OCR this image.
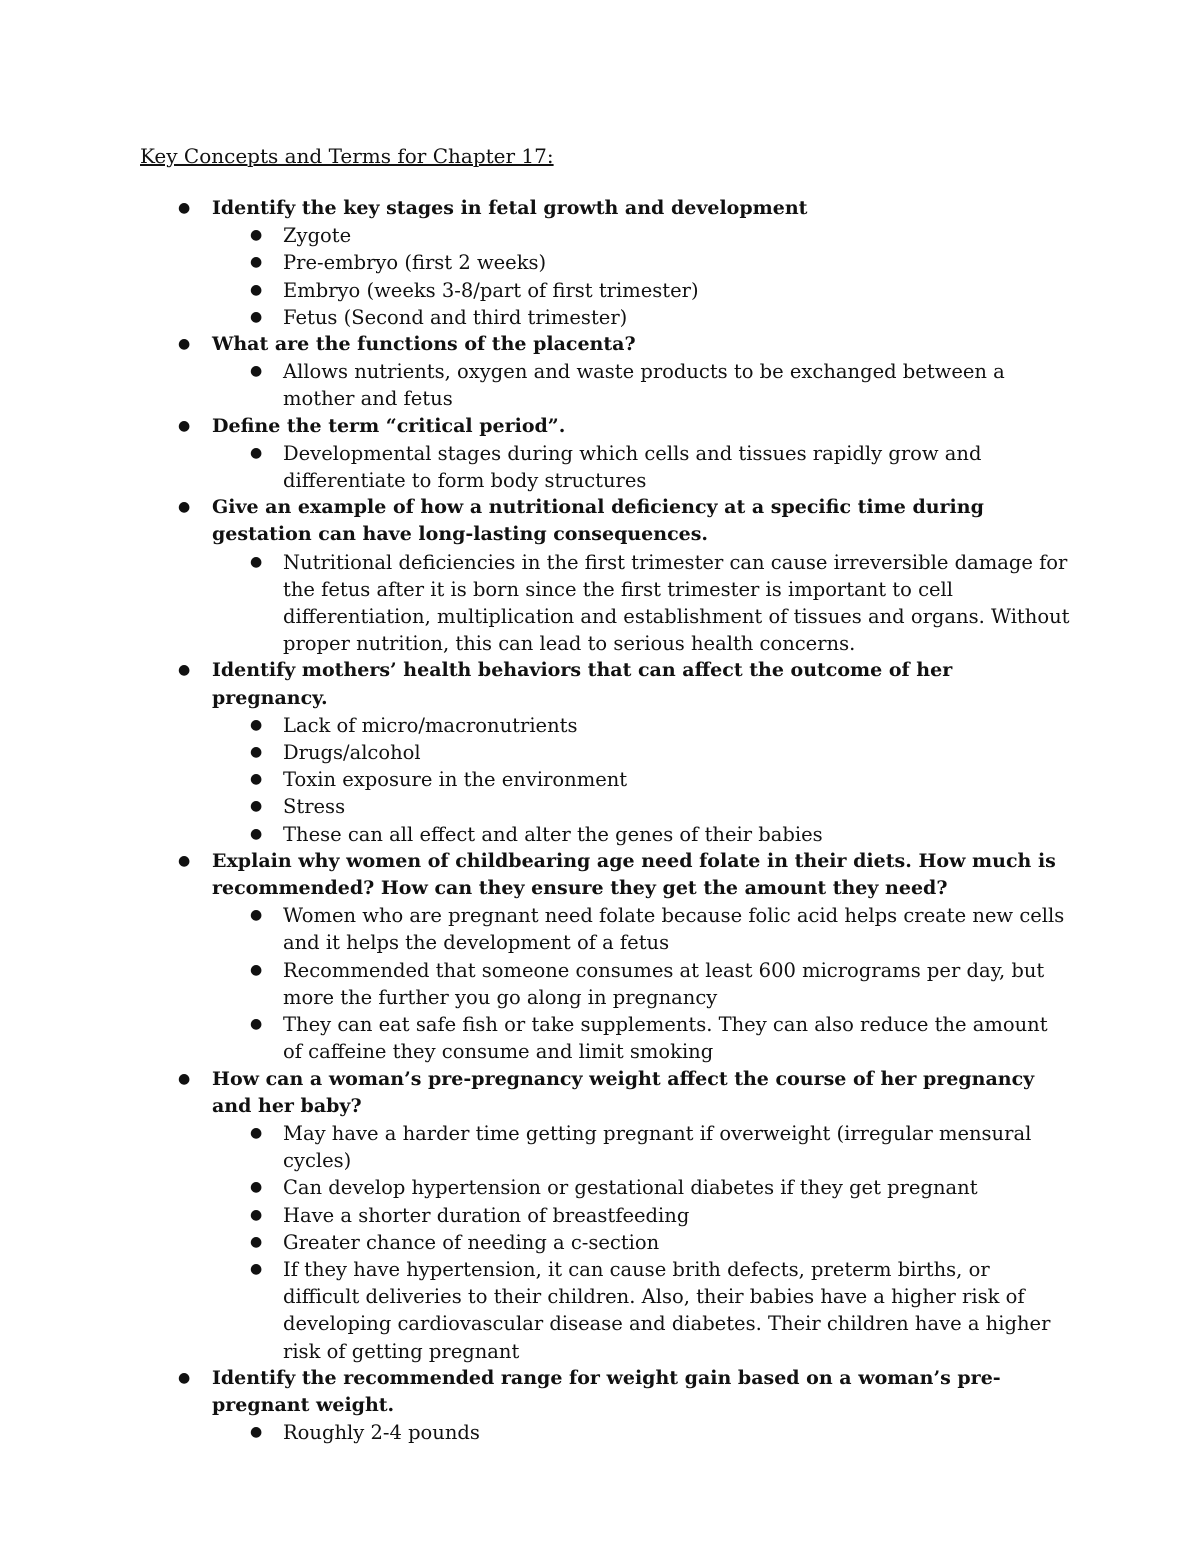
Key Concepts and Terms for Chapter 17:
● Identify the key stages in fetal growth and development
● Zygote
● Pre-embryo (first 2 weeks)
● Embryo (weeks 3-8/part of first trimester)
● Fetus (Second and third trimester)
● What are the functions of the placenta?
● Allows nutrients, oxygen and waste products to be exchanged between a mother and fetus
● Define the term “critical period”.
● Developmental stages during which cells and tissues rapidly grow and differentiate to form body structures
● Give an example of how a nutritional deficiency at a specific time during gestation can have long-lasting consequences.
● Nutritional deficiencies in the first trimester can cause irreversible damage for the fetus after it is born since the first trimester is important to cell differentiation, multiplication and establishment of tissues and organs. Without proper nutrition, this can lead to serious health concerns.
● Identify mothers’ health behaviors that can affect the outcome of her pregnancy.
● Lack of micro/macronutrients
● Drugs/alcohol
● Toxin exposure in the environment
● Stress
● These can all effect and alter the genes of their babies
● Explain why women of childbearing age need folate in their diets. How much is recommended? How can they ensure they get the amount they need?
● Women who are pregnant need folate because folic acid helps create new cells and it helps the development of a fetus
● Recommended that someone consumes at least 600 micrograms per day, but more the further you go along in pregnancy
● They can eat safe fish or take supplements. They can also reduce the amount of caffeine they consume and limit smoking
● How can a woman’s pre-pregnancy weight affect the course of her pregnancy and her baby?
● May have a harder time getting pregnant if overweight (irregular mensural cycles)
● Can develop hypertension or gestational diabetes if they get pregnant
● Have a shorter duration of breastfeeding
● Greater chance of needing a c-section
● If they have hypertension, it can cause brith defects, preterm births, or difficult deliveries to their children. Also, their babies have a higher risk of developing cardiovascular disease and diabetes. Their children have a higher risk of getting pregnant
● Identify the recommended range for weight gain based on a woman’s pre-pregnant weight.
● Roughly 2-4 pounds
